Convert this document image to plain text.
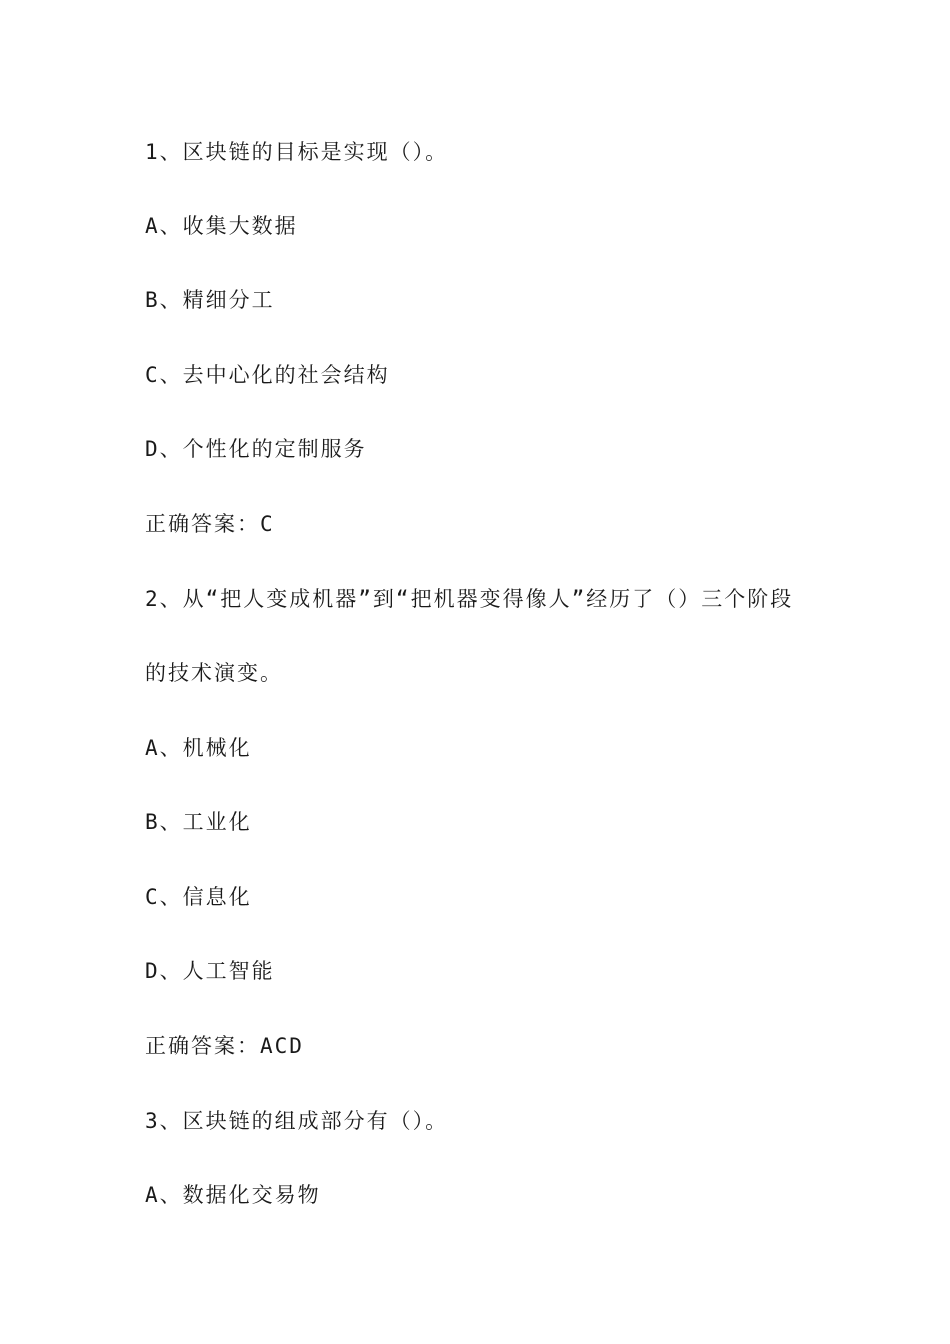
1、区块链的目标是实现（）。
A、收集大数据
B、精细分工
C、去中心化的社会结构
D、个性化的定制服务
正确答案：C
2、从“把人变成机器”到“把机器变得像人”经历了（）三个阶段
的技术演变。
A、机械化
B、工业化
C、信息化
D、人工智能
正确答案：ACD
3、区块链的组成部分有（）。
A、数据化交易物
